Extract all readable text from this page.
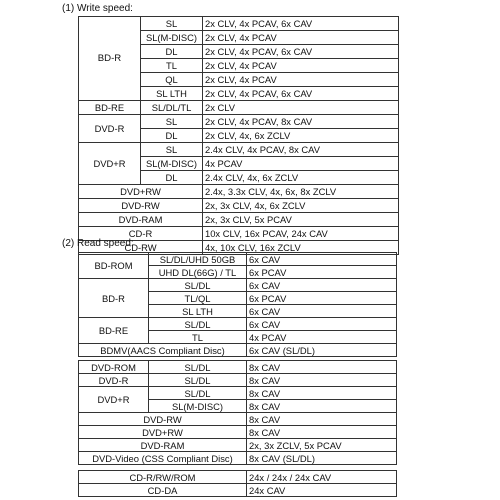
(1) Write speed:
BD-R	SL	2x CLV, 4x PCAV, 6x CAV
	SL(M-DISC)	2x CLV, 4x PCAV
	DL	2x CLV, 4x PCAV, 6x CAV
	TL	2x CLV, 4x PCAV
	QL	2x CLV, 4x PCAV
	SL LTH	2x CLV, 4x PCAV, 6x CAV
BD-RE	SL/DL/TL	2x CLV
DVD-R	SL	2x CLV, 4x PCAV, 8x CAV
	DL	2x CLV, 4x, 6x ZCLV
DVD+R	SL	2.4x CLV, 4x PCAV, 8x CAV
	SL(M-DISC)	4x PCAV
	DL	2.4x CLV, 4x, 6x ZCLV
DVD+RW		2.4x, 3.3x CLV, 4x, 6x, 8x ZCLV
DVD-RW		2x, 3x CLV, 4x, 6x ZCLV
DVD-RAM		2x, 3x CLV, 5x PCAV
CD-R		10x CLV, 16x PCAV, 24x CAV
CD-RW		4x, 10x CLV, 16x ZCLV
(2) Read speed:
BD-ROM	SL/DL/UHD 50GB	6x CAV
	UHD DL(66G) / TL	6x PCAV
BD-R	SL/DL	6x CAV
	TL/QL	6x PCAV
	SL LTH	6x CAV
BD-RE	SL/DL	6x CAV
	TL	4x PCAV
BDMV(AACS Compliant Disc)		6x CAV (SL/DL)
DVD-ROM	SL/DL	8x CAV
DVD-R	SL/DL	8x CAV
DVD+R	SL/DL	8x CAV
	SL(M-DISC)	8x CAV
DVD-RW		8x CAV
DVD+RW		8x CAV
DVD-RAM		2x, 3x ZCLV, 5x PCAV
DVD-Video (CSS Compliant Disc)		8x CAV (SL/DL)
CD-R/RW/ROM	24x / 24x / 24x CAV
CD-DA	24x CAV
